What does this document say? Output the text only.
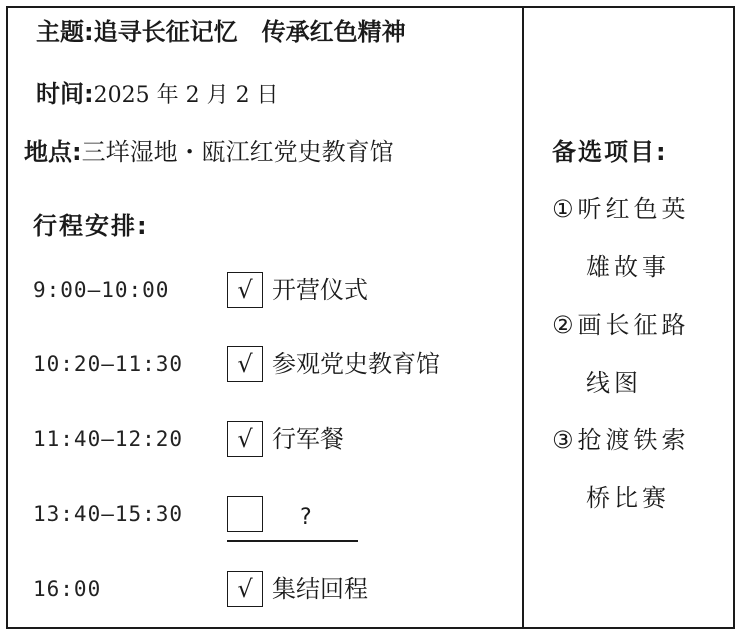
主题:追寻长征记忆　传承红色精神
时间:2025 年 2 月 2 日
地点:三垟湿地・瓯江红党史教育馆
行程安排:
9:00—10:00	√ 开营仪式
10:20—11:30	√ 参观党史教育馆
11:40—12:20	√ 行军餐
13:40—15:30	?
16:00	√ 集结回程
备选项目:
①听红色英
雄故事
②画长征路
线图
③抢渡铁索
桥比赛
